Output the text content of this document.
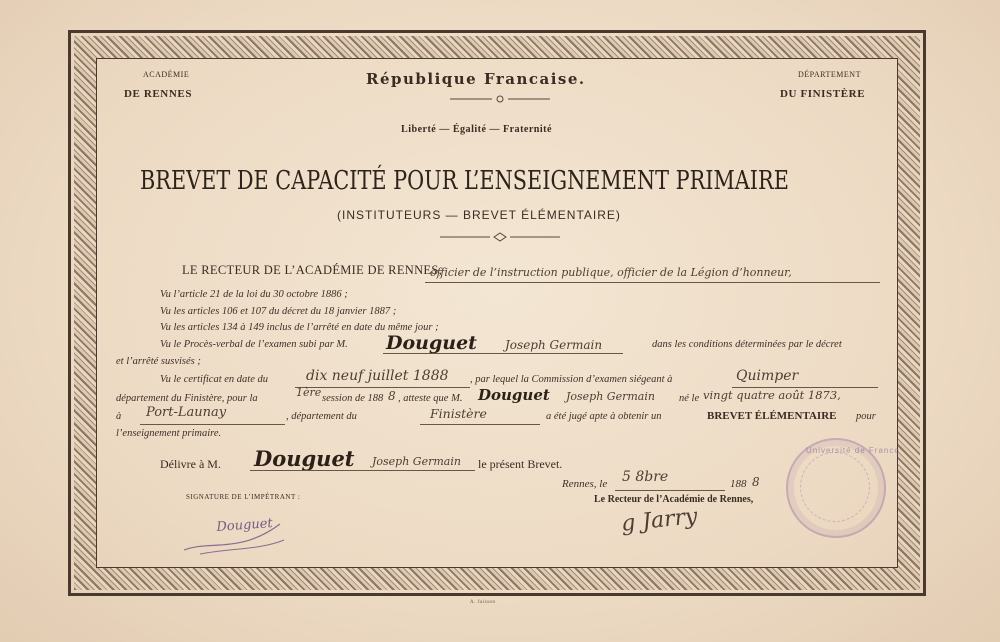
ACADÉMIE
DE RENNES
DÉPARTEMENT
DU FINISTÈRE
République Francaise.
Liberté — Égalité — Fraternité
BREVET DE CAPACITÉ POUR L’ENSEIGNEMENT PRIMAIRE
(INSTITUTEURS — BREVET ÉLÉMENTAIRE)
LE RECTEUR DE L’ACADÉMIE DE RENNES,
officier de l’instruction publique, officier de la Légion d’honneur,
Vu l’article 21 de la loi du 30 octobre 1886 ;
Vu les articles 106 et 107 du décret du 18 janvier 1887 ;
Vu les articles 134 à 149 inclus de l’arrêté en date du même jour ;
Vu le Procès-verbal de l’examen subi par M. Douguet Joseph Germain	dans les conditions déterminées par le décret
et l’arrêté susvisés ;
Vu le certificat en date du	dix neuf juillet 1888 , par lequel la Commission d’examen siégeant à	Quimper
département du Finistère, pour la	1ère session de 188 8 , atteste que M. Douguet Joseph Germain né le vingt quatre août 1873,
à Port-Launay	, département du	Finistère	a été jugé apte à obtenir un	BREVET ÉLÉMENTAIRE pour
l’enseignement primaire.
Délivre à M. Douguet Joseph Germain le présent Brevet.
Rennes, le 5 8bre	188 8
Le Recteur de l’Académie de Rennes,
g Jarry
SIGNATURE DE L’IMPÉTRANT :
Douguet
Université de France
A. Jaisson
